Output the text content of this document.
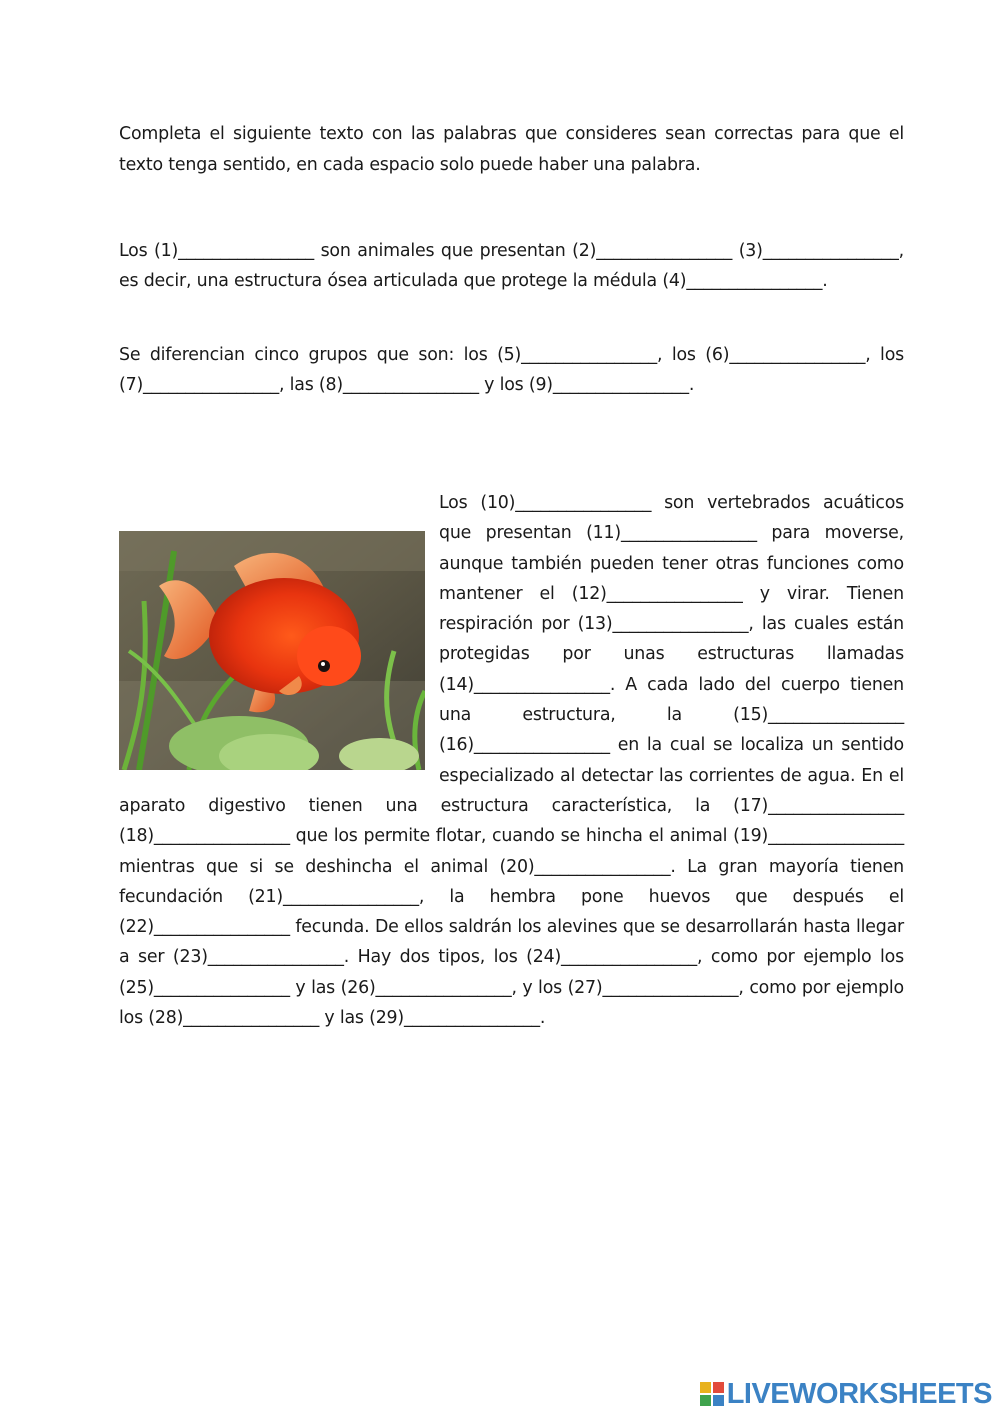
Completa el siguiente texto con las palabras que consideres sean correctas para que el texto tenga sentido, en cada espacio solo puede haber una palabra.

Los (1)________________ son animales que presentan (2)________________ (3)________________, es decir, una estructura ósea articulada que protege la médula (4)________________.

Se diferencian cinco grupos que son: los (5)________________, los (6)________________, los (7)________________, las (8)________________ y los (9)________________.

Los (10)________________ son vertebrados acuáticos que presentan (11)________________ para moverse, aunque también pueden tener otras funciones como mantener el (12)________________ y virar. Tienen respiración por (13)________________, las cuales están protegidas por unas estructuras llamadas (14)________________. A cada lado del cuerpo tienen una estructura, la (15)________________ (16)________________ en la cual se localiza un sentido especializado al detectar las corrientes de agua. En el aparato digestivo tienen una estructura característica, la (17)________________ (18)________________ que los permite flotar, cuando se hincha el animal (19)________________ mientras que si se deshincha el animal (20)________________. La gran mayoría tienen fecundación (21)________________, la hembra pone huevos que después el (22)________________ fecunda. De ellos saldrán los alevines que se desarrollarán hasta llegar a ser (23)________________. Hay dos tipos, los (24)________________, como por ejemplo los (25)________________ y las (26)________________, y los (27)________________, como por ejemplo los (28)________________ y las (29)________________.

LIVEWORKSHEETS
